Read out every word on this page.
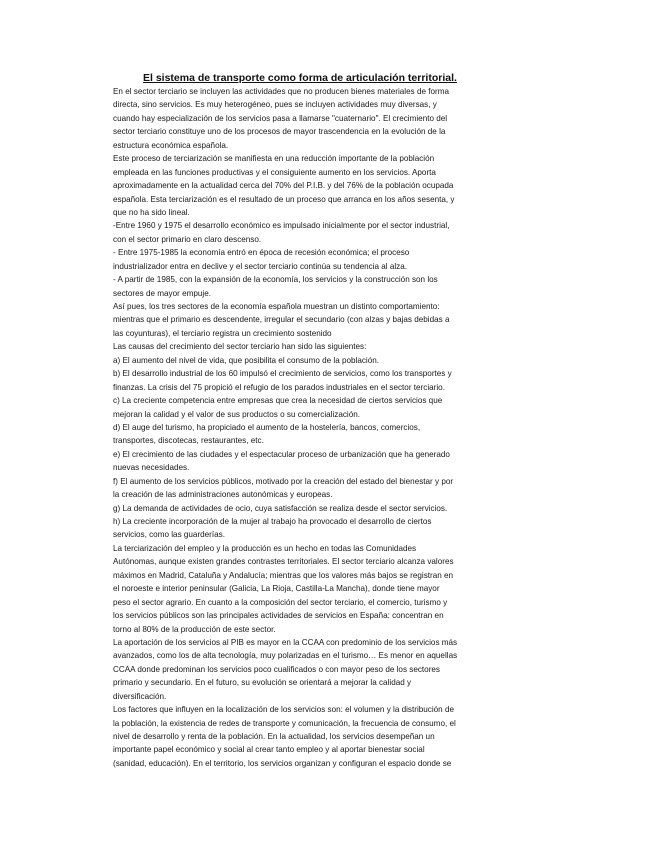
El sistema de transporte como forma de articulación territorial.
En el sector terciario se incluyen las actividades que no producen bienes materiales de forma
directa, sino servicios. Es muy heterogéneo, pues se incluyen actividades muy diversas, y
cuando hay especialización de los servicios pasa a llamarse "cuaternario". El crecimiento del
sector terciario constituye uno de los procesos de mayor trascendencia en la evolución de la
estructura económica española.
Este proceso de terciarización se manifiesta en una reducción importante de la población
empleada en las funciones productivas y el consiguiente aumento en los servicios. Aporta
aproximadamente en la actualidad cerca del 70% del P.I.B. y del 76% de la población ocupada
española. Esta terciarización es el resultado de un proceso que arranca en los años sesenta, y
que no ha sido lineal.
-Entre 1960 y 1975 el desarrollo económico es impulsado inicialmente por el sector industrial,
con el sector primario en claro descenso.
- Entre 1975-1985 la economía entró en época de recesión económica; el proceso
industrializador entra en declive y el sector terciario continúa su tendencia al alza.
- A partir de 1985, con la expansión de la economía, los servicios y la construcción son los
sectores de mayor empuje.
Así pues, los tres sectores de la economía española muestran un distinto comportamiento:
mientras que el primario es descendente, irregular el secundario (con alzas y bajas debidas a
las coyunturas), el terciario registra un crecimiento sostenido
Las causas del crecimiento del sector terciario han sido las siguientes:
a) El aumento del nivel de vida, que posibilita el consumo de la población.
b) El desarrollo industrial de los 60 impulsó el crecimiento de servicios, como los transportes y
finanzas. La crisis del 75 propició el refugio de los parados industriales en el sector terciario.
c) La creciente competencia entre empresas que crea la necesidad de ciertos servicios que
mejoran la calidad y el valor de sus productos o su comercialización.
d) El auge del turismo, ha propiciado el aumento de la hostelería, bancos, comercios,
transportes, discotecas, restaurantes, etc.
e) El crecimiento de las ciudades y el espectacular proceso de urbanización que ha generado
nuevas necesidades.
f) El aumento de los servicios públicos, motivado por la creación del estado del bienestar y por
la creación de las administraciones autonómicas y europeas.
g) La demanda de actividades de ocio, cuya satisfacción se realiza desde el sector servicios.
h) La creciente incorporación de la mujer al trabajo ha provocado el desarrollo de ciertos
servicios, como las guarderías.
La terciarización del empleo y la producción es un hecho en todas las Comunidades
Autónomas, aunque existen grandes contrastes territoriales. El sector terciario alcanza valores
máximos en Madrid, Cataluña y Andalucía; mientras que los valores más bajos se registran en
el noroeste e interior peninsular (Galicia, La Rioja, Castilla-La Mancha), donde tiene mayor
peso el sector agrario. En cuanto a la composición del sector terciario, el comercio, turismo y
los servicios públicos son las principales actividades de servicios en España: concentran en
torno al 80% de la producción de este sector.
La aportación de los servicios al PIB es mayor en la CCAA con predominio de los servicios más
avanzados, como los de alta tecnología, muy polarizadas en el turismo… Es menor en aquellas
CCAA donde predominan los servicios poco cualificados o con mayor peso de los sectores
primario y secundario. En el futuro, su evolución se orientará a mejorar la calidad y
diversificación.
Los factores que influyen en la localización de los servicios son: el volumen y la distribución de
la población, la existencia de redes de transporte y comunicación, la frecuencia de consumo, el
nivel de desarrollo y renta de la población. En la actualidad, los servicios desempeñan un
importante papel económico y social al crear tanto empleo y al aportar bienestar social
(sanidad, educación). En el territorio, los servicios organizan y configuran el espacio donde se
